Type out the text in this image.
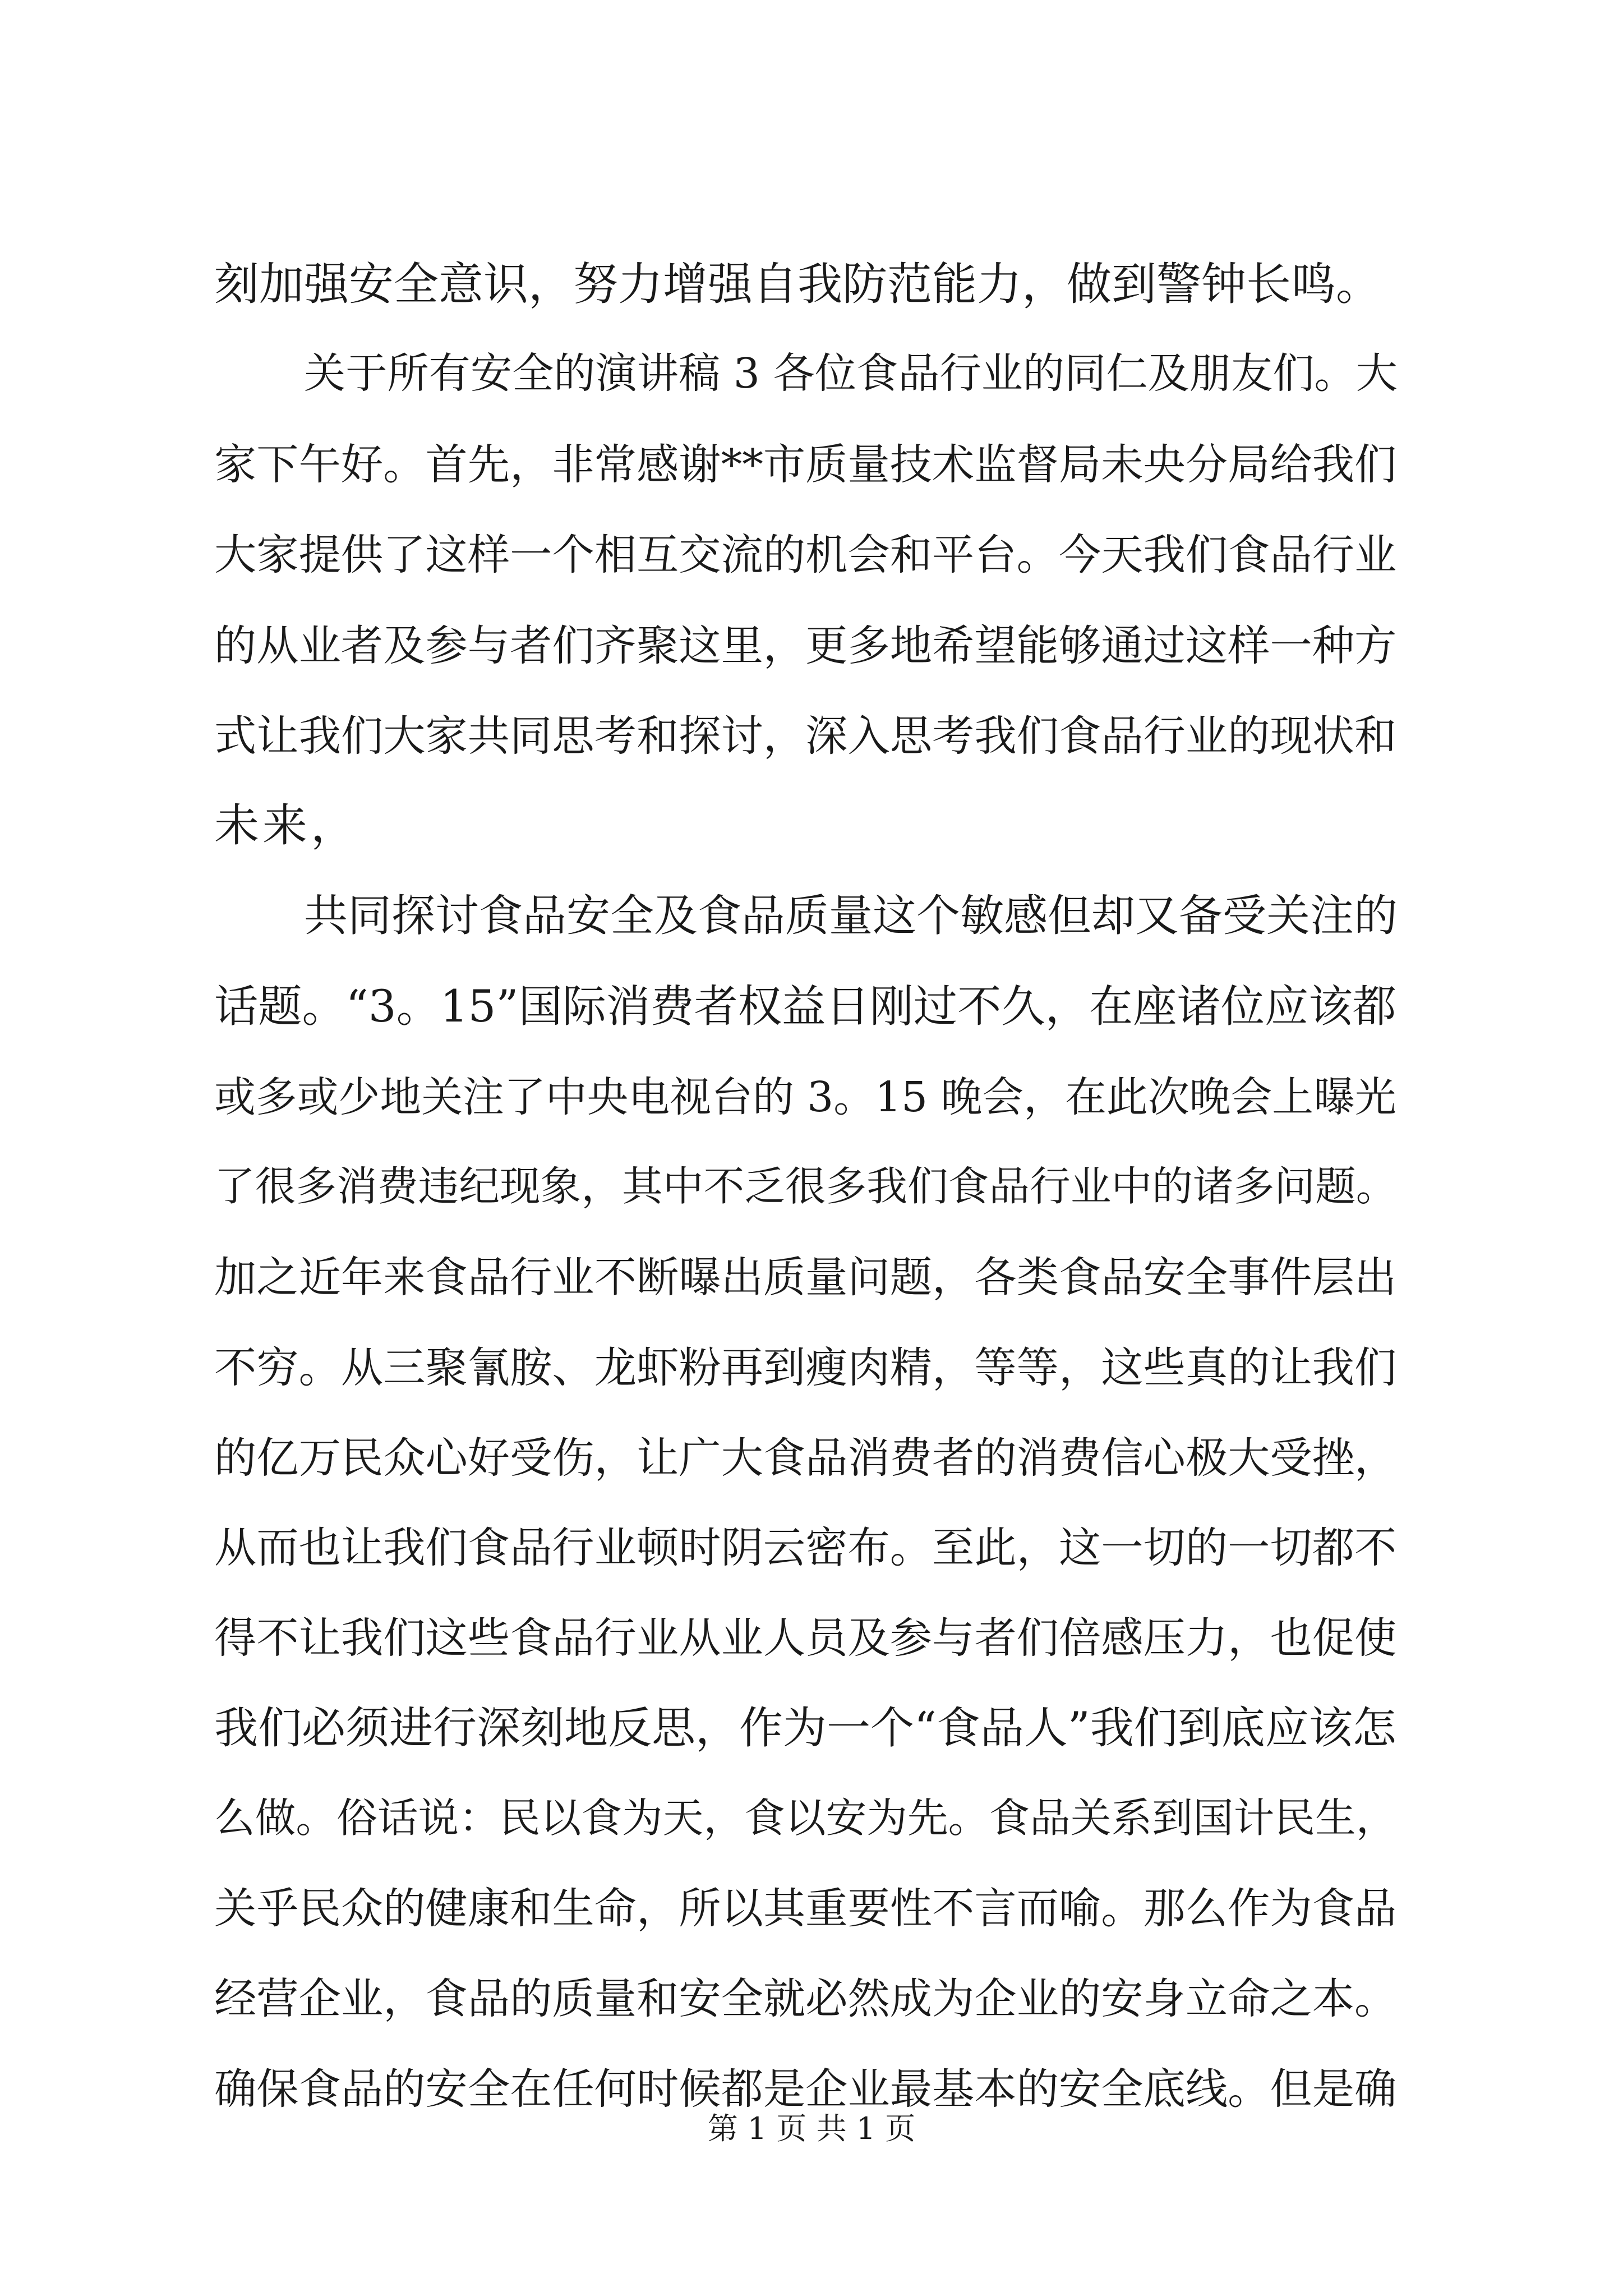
刻加强安全意识，努力增强自我防范能力，做到警钟长鸣。
关于所有安全的演讲稿 3 各位食品行业的同仁及朋友们。大
家下午好。首先，非常感谢**市质量技术监督局未央分局给我们
大家提供了这样一个相互交流的机会和平台。今天我们食品行业
的从业者及参与者们齐聚这里，更多地希望能够通过这样一种方
式让我们大家共同思考和探讨，深入思考我们食品行业的现状和
未来，
共同探讨食品安全及食品质量这个敏感但却又备受关注的
话题。“3。15”国际消费者权益日刚过不久，在座诸位应该都
或多或少地关注了中央电视台的 3。15 晚会，在此次晚会上曝光
了很多消费违纪现象，其中不乏很多我们食品行业中的诸多问题。
加之近年来食品行业不断曝出质量问题，各类食品安全事件层出
不穷。从三聚氰胺、龙虾粉再到瘦肉精，等等，这些真的让我们
的亿万民众心好受伤，让广大食品消费者的消费信心极大受挫，
从而也让我们食品行业顿时阴云密布。至此，这一切的一切都不
得不让我们这些食品行业从业人员及参与者们倍感压力，也促使
我们必须进行深刻地反思，作为一个“食品人”我们到底应该怎
么做。俗话说：民以食为天，食以安为先。食品关系到国计民生，
关乎民众的健康和生命，所以其重要性不言而喻。那么作为食品
经营企业，食品的质量和安全就必然成为企业的安身立命之本。
确保食品的安全在任何时候都是企业最基本的安全底线。但是确
第 1 页 共 1 页
